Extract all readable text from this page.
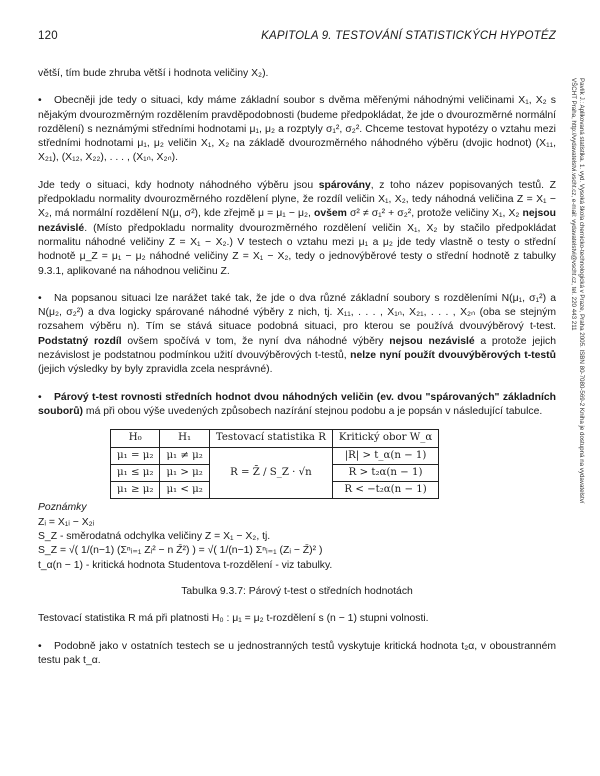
120	KAPITOLA 9. TESTOVÁNÍ STATISTICKÝCH HYPOTÉZ
Pavlík J.: Aplikovaná statistika. 1. vyd. Vysoká škola chemicko-technologická v Praze, Praha 2005. ISBN 80-7080-569-2 Kniha je dostupná na vydavatelství VŠCHT Praha, http://vydavatelstvi.vscht.cz, e-mail: vydavatelstvi@vscht.cz, tel. 220 443 211

větší, tím bude zhruba větší i hodnota veličiny X₂).

• Obecněji jde tedy o situaci, kdy máme základní soubor s dvěma měřenými náhodnými veličinami X₁, X₂ s nějakým dvourozměrným rozdělením pravděpodobnosti (budeme předpokládat, že jde o dvourozměrné normální rozdělení) s neznámými středními hodnotami μ₁, μ₂ a rozptyly σ₁², σ₂². Chceme testovat hypotézy o vztahu mezi středními hodnotami μ₁, μ₂ veličin X₁, X₂ na základě dvourozměrného náhodného výběru (dvojic hodnot) (X₁₁, X₂₁), (X₁₂, X₂₂), . . . , (X₁ₙ, X₂ₙ).

Jde tedy o situaci, kdy hodnoty náhodného výběru jsou spárovány, z toho název popisovaných testů. Z předpokladu normality dvourozměrného rozdělení plyne, že rozdíl veličin X₁, X₂, tedy náhodná veličina Z = X₁ − X₂, má normální rozdělení N(μ, σ²), kde zřejmě μ = μ₁ − μ₂, ovšem σ² ≠ σ₁² + σ₂², protože veličiny X₁, X₂ nejsou nezávislé. (Místo předpokladu normality dvourozměrného rozdělení veličin X₁, X₂ by stačilo předpokládat normalitu náhodné veličiny Z = X₁ − X₂.) V testech o vztahu mezi μ₁ a μ₂ jde tedy vlastně o testy o střední hodnotě μ_Z = μ₁ − μ₂ náhodné veličiny Z = X₁ − X₂, tedy o jednovýběrové testy o střední hodnotě z tabulky 9.3.1, aplikované na náhodnou veličinu Z.

• Na popsanou situaci lze narážet také tak, že jde o dva různé základní soubory s rozděleními N(μ₁, σ₁²) a N(μ₂, σ₂²) a dva logicky spárované náhodné výběry z nich, tj. X₁₁, . . . , X₁ₙ, X₂₁, . . . , X₂ₙ (oba se stejným rozsahem výběru n). Tím se stává situace podobná situaci, pro kterou se používá dvouvýběrový t-test. Podstatný rozdíl ovšem spočívá v tom, že nyní dva náhodné výběry nejsou nezávislé a protože jejich nezávislost je podstatnou podmínkou užití dvouvýběrových t-testů, nelze nyní použít dvouvýběrových t-testů (jejich výsledky by byly zpravidla zcela nesprávné).

• Párový t-test rovnosti středních hodnot dvou náhodných veličin (ev. dvou "spárovaných" základních souborů) má při obou výše uvedených způsobech nazírání stejnou podobu a je popsán v následující tabulce.

H₀	H₁	Testovací statistika R	Kritický obor W_α
μ₁ = μ₂	μ₁ ≠ μ₂	R = Z̄ / S_Z · √n	|R| > t_α(n − 1)
μ₁ ≤ μ₂	μ₁ > μ₂		R > t₂α(n − 1)
μ₁ ≥ μ₂	μ₁ < μ₂		R < −t₂α(n − 1)
Poznámky
Zᵢ = X₁ᵢ − X₂ᵢ
S_Z - směrodatná odchylka veličiny Z = X₁ − X₂, tj.
S_Z = √( 1/(n−1) (Σⁿᵢ₌₁ Zᵢ² − n Z̄²) ) = √( 1/(n−1) Σⁿᵢ₌₁ (Zᵢ − Z̄)² )
t_α(n − 1) - kritická hodnota Studentova t-rozdělení - viz tabulky.
Tabulka 9.3.7: Párový t-test o středních hodnotách

Testovací statistika R má při platnosti H₀ : μ₁ = μ₂ t-rozdělení s (n − 1) stupni volnosti.

• Podobně jako v ostatních testech se u jednostranných testů vyskytuje kritická hodnota t₂α, v oboustranném testu pak t_α.
